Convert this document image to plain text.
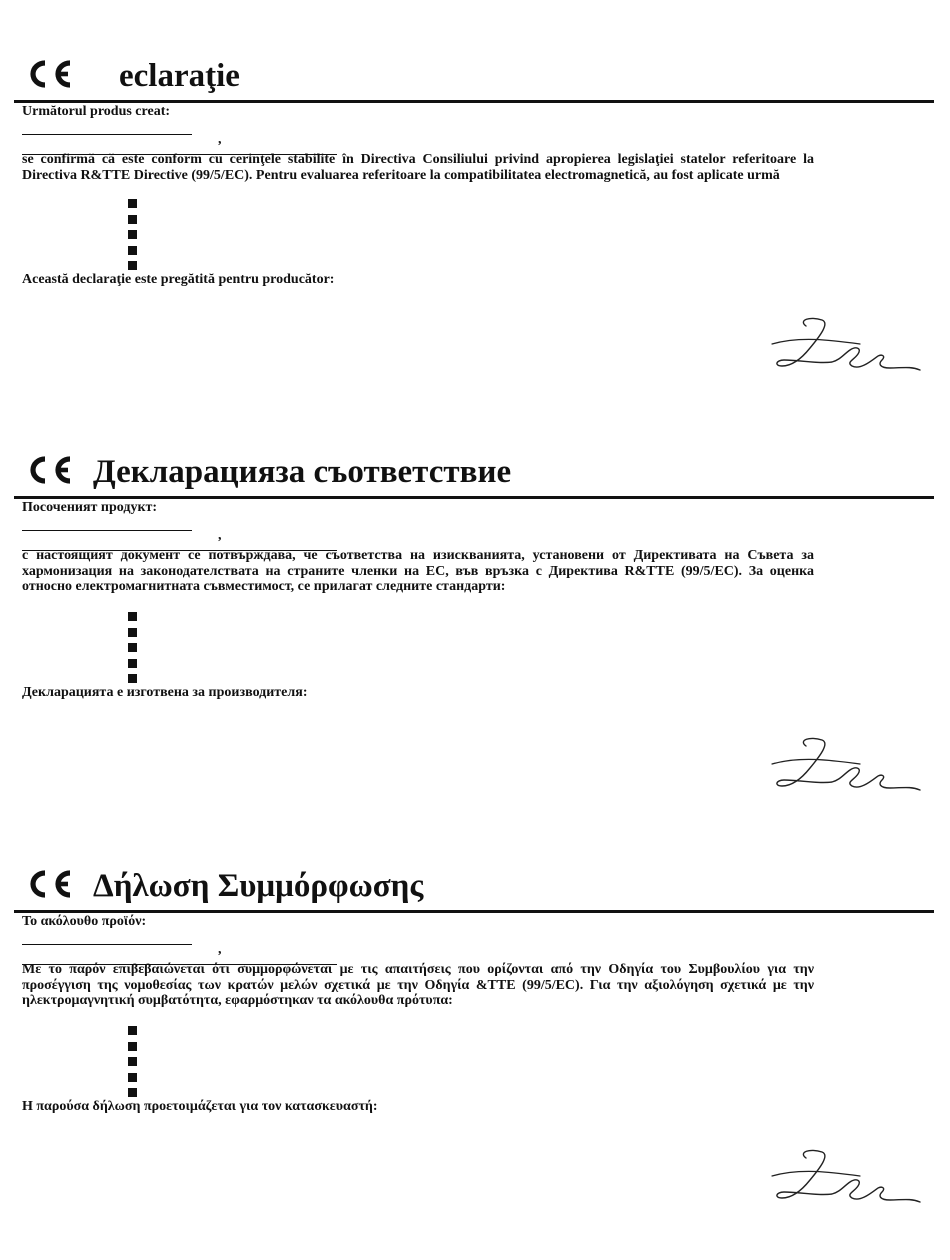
eclaraţie
Următorul produs creat:
,
se confirmă că este conform cu cerinţele stabilite în Directiva Consiliului privind apropierea legislaţiei statelor referitoare la Directiva R&TTE Directive (99/5/EC). Pentru evaluarea referitoare la compatibilitatea electromagnetică, au fost aplicate urmă
Această declaraţie este pregătită pentru producător:
Декларацияза съответствие
Посоченият продукт:
,
с настоящият документ се потвърждава, че съответства на изискванията, установени от Директивата на Съвета за хармонизация на законодателствата на страните членки на ЕС, във връзка с Директива R&TTE (99/5/EC). За оценка относно електромагнитната съвместимост, се прилагат следните стандарти:
Декларацията е изготвена за производителя:
Δήλωση Συμμόρφωσης
Το ακόλουθο προϊόν:
,
Με το παρόν επιβεβαιώνεται ότι συμμορφώνεται με τις απαιτήσεις που ορίζονται από την Οδηγία του Συμβουλίου για την προσέγγιση της νομοθεσίας των κρατών μελών σχετικά με την Οδηγία &TTE (99/5/EC). Για την αξιολόγηση σχετικά με την ηλεκτρομαγνητική συμβατότητα, εφαρμόστηκαν τα ακόλουθα πρότυπα:
Η παρούσα δήλωση προετοιμάζεται για τον κατασκευαστή:
